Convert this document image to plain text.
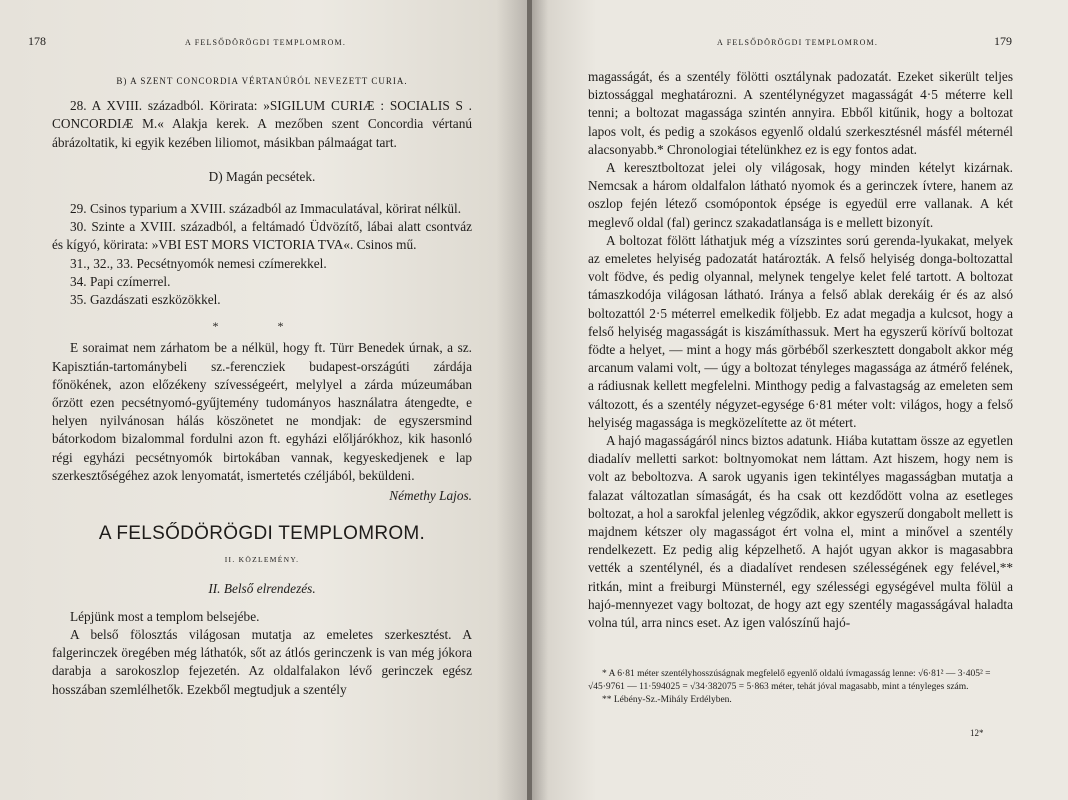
178	A FELSŐDÖRÖGDI TEMPLOMROM.
B) A SZENT CONCORDIA VÉRTANÚRÓL NEVEZETT CURIA.

28. A XVIII. századból. Körirata: »SIGILUM CURIÆ : SOCIALIS S . CONCORDIÆ M.« Alakja kerek. A mezőben szent Concordia vértanú ábrázoltatik, ki egyik kezében liliomot, másikban pálmaágat tart.

D) Magán pecsétek.

29. Csinos typarium a XVIII. századból az Immaculatával, körirat nélkül.

30. Szinte a XVIII. századból, a feltámadó Üdvözítő, lábai alatt csontváz és kígyó, körirata: »VBI EST MORS VICTORIA TVA«. Csinos mű.

31., 32., 33. Pecsétnyomók nemesi czímerekkel.

34. Papi czímerrel.

35. Gazdászati eszközökkel.

* *

E soraimat nem zárhatom be a nélkül, hogy ft. Türr Benedek úrnak, a sz. Kapisztián-tartománybeli sz.-ferencziek budapest-országúti zárdája főnökének, azon előzékeny szívességeért, melylyel a zárda múzeumában őrzött ezen pecsétnyomó-gyűjtemény tudományos használatra átengedte, e helyen nyilvánosan hálás köszönetet ne mondjak: de egyszersmind bátorkodom bizalommal fordulni azon ft. egyházi előljárókhoz, kik hasonló régi egyházi pecsétnyomók birtokában vannak, kegyeskedjenek e lap szerkesztőségéhez azok lenyomatát, ismertetés czéljából, beküldeni.

Némethy Lajos.
A FELSŐDÖRÖGDI TEMPLOMROM.
II. KÖZLEMÉNY.
II. Belső elrendezés.

Lépjünk most a templom belsejébe.

A belső fölosztás világosan mutatja az emeletes szerkesztést. A falgerinczek öregében még láthatók, sőt az átlós gerinczenk is van még jókora darabja a sarokoszlop fejezetén. Az oldalfalakon lévő gerinczek egész hosszában szemlélhetők. Ezekből megtudjuk a szentély

A FELSŐDÖRÖGDI TEMPLOMROM.	179

magasságát, és a szentély fölötti osztálynak padozatát. Ezeket sikerült teljes biztossággal meghatározni. A szentélynégyzet magasságát 4·5 méterre kell tenni; a boltozat magassága szintén annyira. Ebből kitűnik, hogy a boltozat lapos volt, és pedig a szokásos egyenlő oldalú szerkesztésnél másfél méternél alacsonyabb.* Chronologiai tételünkhez ez is egy fontos adat.

A keresztboltozat jelei oly világosak, hogy minden kételyt kizárnak. Nemcsak a három oldalfalon látható nyomok és a gerinczek ívtere, hanem az oszlop fején létező csomópontok épsége is egyedül erre vallanak. A két meglevő oldal (fal) gerincz szakadatlansága is e mellett bizonyít.

A boltozat fölött láthatjuk még a vízszintes sorú gerenda-lyukakat, melyek az emeletes helyiség padozatát határozták. A felső helyiség donga-boltozattal volt födve, és pedig olyannal, melynek tengelye kelet felé tartott. A boltozat támaszkodója világosan látható. Iránya a felső ablak derekáig ér és az alsó boltozattól 2·5 méterrel emelkedik följebb. Ez adat megadja a kulcsot, hogy a felső helyiség magasságát is kiszámíthassuk. Mert ha egyszerű körívű boltozat födte a helyet, — mint a hogy más görbéből szerkesztett dongabolt akkor még arcanum valami volt, — úgy a boltozat tényleges magassága az átmérő felének, a rádiusnak kellett megfelelni. Minthogy pedig a falvastagság az emeleten sem változott, és a szentély négyzet-egysége 6·81 méter volt: világos, hogy a felső helyiség magassága is megközelítette az öt métert.

A hajó magasságáról nincs biztos adatunk. Hiába kutattam össze az egyetlen diadalív melletti sarkot: boltnyomokat nem láttam. Azt hiszem, hogy nem is volt az beboltozva. A sarok ugyanis igen tekintélyes magasságban mutatja a falazat változatlan símaságát, és ha csak ott kezdődött volna az esetleges boltozat, a hol a sarokfal jelenleg végződik, akkor egyszerű dongabolt mellett is majdnem kétszer oly magasságot ért volna el, mint a minővel a szentély rendelkezett. Ez pedig alig képzelhető. A hajót ugyan akkor is magasabbra vették a szentélynél, és a diadalívet rendesen szélességének egy felével,** ritkán, mint a freiburgi Münsternél, egy szélességi egységével multa fölül a hajó-mennyezet vagy boltozat, de hogy azt egy szentély magasságával haladta volna túl, arra nincs eset. Az igen valószínű hajó-

* A 6·81 méter szentélyhosszúságnak megfelelő egyenlő oldalú ívmagasság lenne: √6·81² — 3·405² = √45·9761 — 11·594025 = √34·382075 = 5·863 méter, tehát jóval magasabb, mint a tényleges szám.

** Lébény-Sz.-Mihály Erdélyben.

12*
